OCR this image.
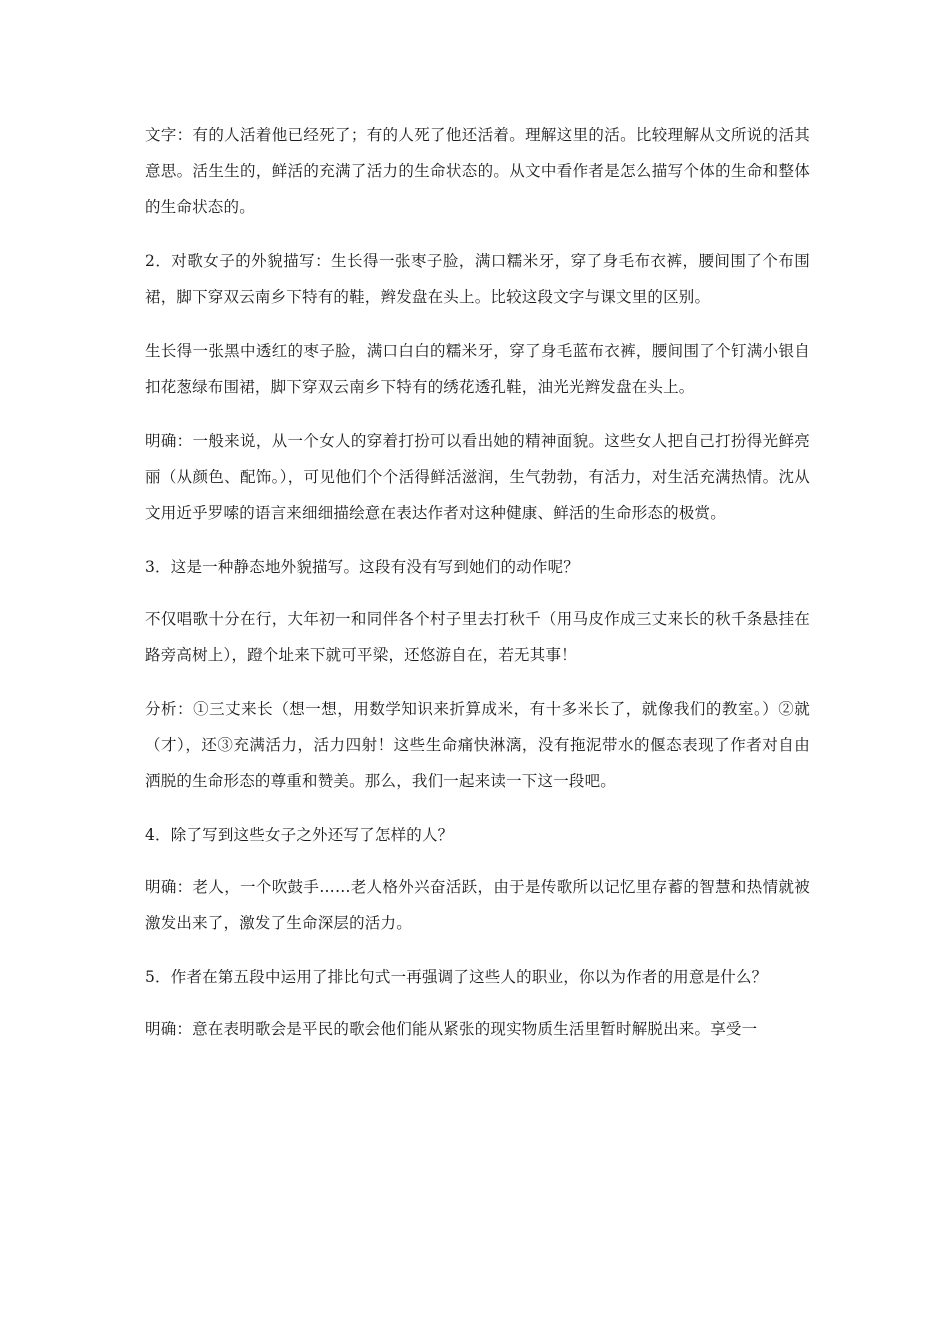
文字：有的人活着他已经死了；有的人死了他还活着。理解这里的活。比较理解从文所说的活其意思。活生生的，鲜活的充满了活力的生命状态的。从文中看作者是怎么描写个体的生命和整体的生命状态的。

2．对歌女子的外貌描写：生长得一张枣子脸，满口糯米牙，穿了身毛布衣裤，腰间围了个布围裙，脚下穿双云南乡下特有的鞋，辫发盘在头上。比较这段文字与课文里的区别。

生长得一张黑中透红的枣子脸，满口白白的糯米牙，穿了身毛蓝布衣裤，腰间围了个钉满小银自扣花葱绿布围裙，脚下穿双云南乡下特有的绣花透孔鞋，油光光辫发盘在头上。

明确：一般来说，从一个女人的穿着打扮可以看出她的精神面貌。这些女人把自己打扮得光鲜亮丽（从颜色、配饰。），可见他们个个活得鲜活滋润，生气勃勃，有活力，对生活充满热情。沈从文用近乎罗嗦的语言来细细描绘意在表达作者对这种健康、鲜活的生命形态的极赏。

3．这是一种静态地外貌描写。这段有没有写到她们的动作呢？

不仅唱歌十分在行，大年初一和同伴各个村子里去打秋千（用马皮作成三丈来长的秋千条悬挂在路旁高树上），蹬个址来下就可平梁，还悠游自在，若无其事！

分析：①三丈来长（想一想，用数学知识来折算成米，有十多米长了，就像我们的教室。）②就（才），还③充满活力，活力四射！这些生命痛快淋漓，没有拖泥带水的偃态表现了作者对自由洒脱的生命形态的尊重和赞美。那么，我们一起来读一下这一段吧。

4．除了写到这些女子之外还写了怎样的人？

明确：老人，一个吹鼓手……老人格外兴奋活跃，由于是传歌所以记忆里存蓄的智慧和热情就被激发出来了，激发了生命深层的活力。

5．作者在第五段中运用了排比句式一再强调了这些人的职业，你以为作者的用意是什么？

明确：意在表明歌会是平民的歌会他们能从紧张的现实物质生活里暂时解脱出来。享受一
